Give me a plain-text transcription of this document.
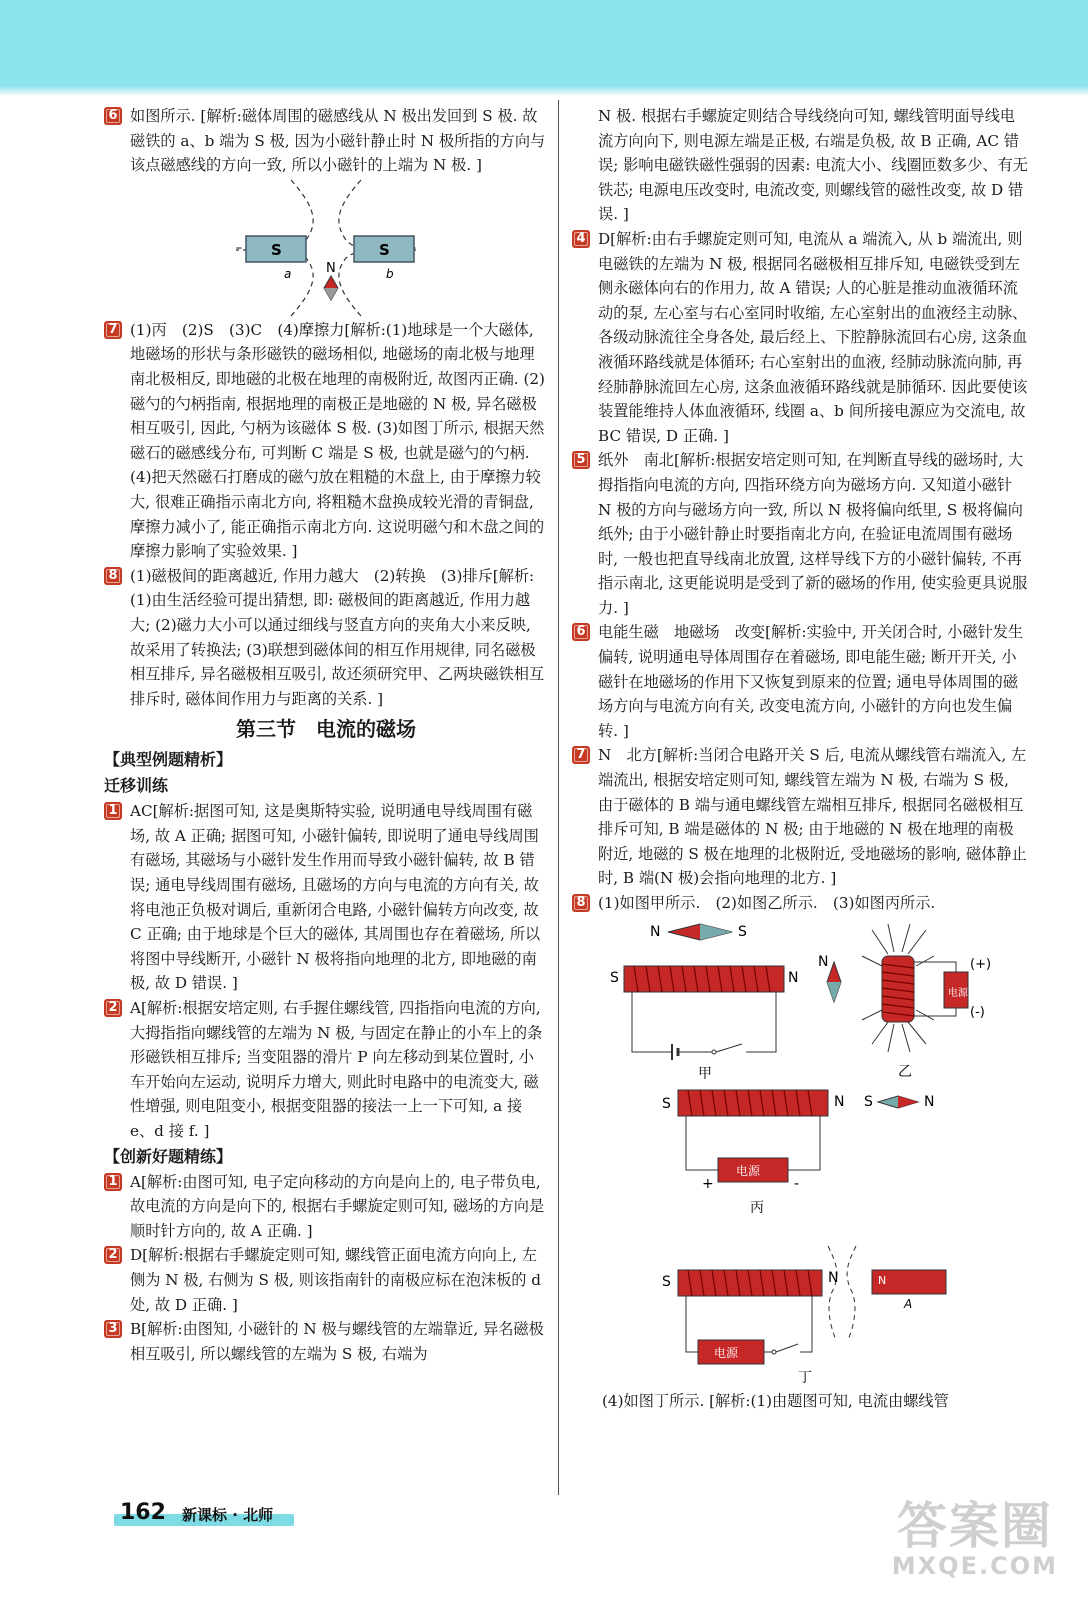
6 如图所示. [解析:磁体周围的磁感线从 N 极出发回到 S 极. 故磁铁的 a、b 端为 S 极, 因为小磁针静止时 N 极所指的方向与该点磁感线的方向一致, 所以小磁针的上端为 N 极. ]

S	S
a	b
N

7 (1)丙　(2)S　(3)C　(4)摩擦力[解析:(1)地球是一个大磁体, 地磁场的形状与条形磁铁的磁场相似, 地磁场的南北极与地理南北极相反, 即地磁的北极在地理的南极附近, 故图丙正确. (2)磁勺的勺柄指南, 根据地理的南极正是地磁的 N 极, 异名磁极相互吸引, 因此, 勺柄为该磁体 S 极. (3)如图丁所示, 根据天然磁石的磁感线分布, 可判断 C 端是 S 极, 也就是磁勺的勺柄. (4)把天然磁石打磨成的磁勺放在粗糙的木盘上, 由于摩擦力较大, 很难正确指示南北方向, 将粗糙木盘换成较光滑的青铜盘, 摩擦力减小了, 能正确指示南北方向. 这说明磁勺和木盘之间的摩擦力影响了实验效果. ]

8 (1)磁极间的距离越近, 作用力越大　(2)转换　(3)排斥[解析:(1)由生活经验可提出猜想, 即: 磁极间的距离越近, 作用力越大; (2)磁力大小可以通过细线与竖直方向的夹角大小来反映, 故采用了转换法; (3)联想到磁体间的相互作用规律, 同名磁极相互排斥, 异名磁极相互吸引, 故还须研究甲、乙两块磁铁相互排斥时, 磁体间作用力与距离的关系. ]

第三节　电流的磁场

【典型例题精析】

迁移训练

1 AC[解析:据图可知, 这是奥斯特实验, 说明通电导线周围有磁场, 故 A 正确; 据图可知, 小磁针偏转, 即说明了通电导线周围有磁场, 其磁场与小磁针发生作用而导致小磁针偏转, 故 B 错误; 通电导线周围有磁场, 且磁场的方向与电流的方向有关, 故将电池正负极对调后, 重新闭合电路, 小磁针偏转方向改变, 故 C 正确; 由于地球是个巨大的磁体, 其周围也存在着磁场, 所以将图中导线断开, 小磁针 N 极将指向地理的北方, 即地磁的南极, 故 D 错误. ]

2 A[解析:根据安培定则, 右手握住螺线管, 四指指向电流的方向, 大拇指指向螺线管的左端为 N 极, 与固定在静止的小车上的条形磁铁相互排斥; 当变阻器的滑片 P 向左移动到某位置时, 小车开始向左运动, 说明斥力增大, 则此时电路中的电流变大, 磁性增强, 则电阻变小, 根据变阻器的接法一上一下可知, a 接 e、d 接 f. ]

【创新好题精练】

1 A[解析:由图可知, 电子定向移动的方向是向上的, 电子带负电, 故电流的方向是向下的, 根据右手螺旋定则可知, 磁场的方向是顺时针方向的, 故 A 正确. ]

2 D[解析:根据右手螺旋定则可知, 螺线管正面电流方向向上, 左侧为 N 极, 右侧为 S 极, 则该指南针的南极应标在泡沫板的 d 处, 故 D 正确. ]

3 B[解析:由图知, 小磁针的 N 极与螺线管的左端靠近, 异名磁极相互吸引, 所以螺线管的左端为 S 极, 右端为

N 极. 根据右手螺旋定则结合导线绕向可知, 螺线管明面导线电流方向向下, 则电源左端是正极, 右端是负极, 故 B 正确, AC 错误; 影响电磁铁磁性强弱的因素: 电流大小、线圈匝数多少、有无铁芯; 电源电压改变时, 电流改变, 则螺线管的磁性改变, 故 D 错误. ]

4 D[解析:由右手螺旋定则可知, 电流从 a 端流入, 从 b 端流出, 则电磁铁的左端为 N 极, 根据同名磁极相互排斥知, 电磁铁受到左侧永磁体向右的作用力, 故 A 错误; 人的心脏是推动血液循环流动的泵, 左心室与右心室同时收缩, 左心室射出的血液经主动脉、各级动脉流往全身各处, 最后经上、下腔静脉流回右心房, 这条血液循环路线就是体循环; 右心室射出的血液, 经肺动脉流向肺, 再经肺静脉流回左心房, 这条血液循环路线就是肺循环. 因此要使该装置能维持人体血液循环, 线圈 a、b 间所接电源应为交流电, 故 BC 错误, D 正确. ]

5 纸外　南北[解析:根据安培定则可知, 在判断直导线的磁场时, 大拇指指向电流的方向, 四指环绕方向为磁场方向. 又知道小磁针 N 极的方向与磁场方向一致, 所以 N 极将偏向纸里, S 极将偏向纸外; 由于小磁针静止时要指南北方向, 在验证电流周围有磁场时, 一般也把直导线南北放置, 这样导线下方的小磁针偏转, 不再指示南北, 这更能说明是受到了新的磁场的作用, 使实验更具说服力. ]

6 电能生磁　地磁场　改变[解析:实验中, 开关闭合时, 小磁针发生偏转, 说明通电导体周围存在着磁场, 即电能生磁; 断开开关, 小磁针在地磁场的作用下又恢复到原来的位置; 通电导体周围的磁场方向与电流方向有关, 改变电流方向, 小磁针的方向也发生偏转. ]

7 N　北方[解析:当闭合电路开关 S 后, 电流从螺线管右端流入, 左端流出, 根据安培定则可知, 螺线管左端为 N 极, 右端为 S 极, 由于磁体的 B 端与通电螺线管左端相互排斥, 根据同名磁极相互排斥可知, B 端是磁体的 N 极; 由于地磁的 N 极在地理的南极附近, 地磁的 S 极在地理的北极附近, 受地磁场的影响, 磁体静止时, B 端(N 极)会指向地理的北方. ]

8 (1)如图甲所示.　(2)如图乙所示.　(3)如图丙所示.

N	S
S	N
甲
N
电源
(+)
(-)
乙
S	N S	N
电源
+	-
丙
S	N	N
A
电源
丁

(4)如图丁所示. [解析:(1)由题图可知, 电流由螺线管

162 新课标 · 北师	答案圈
MXQE.COM
